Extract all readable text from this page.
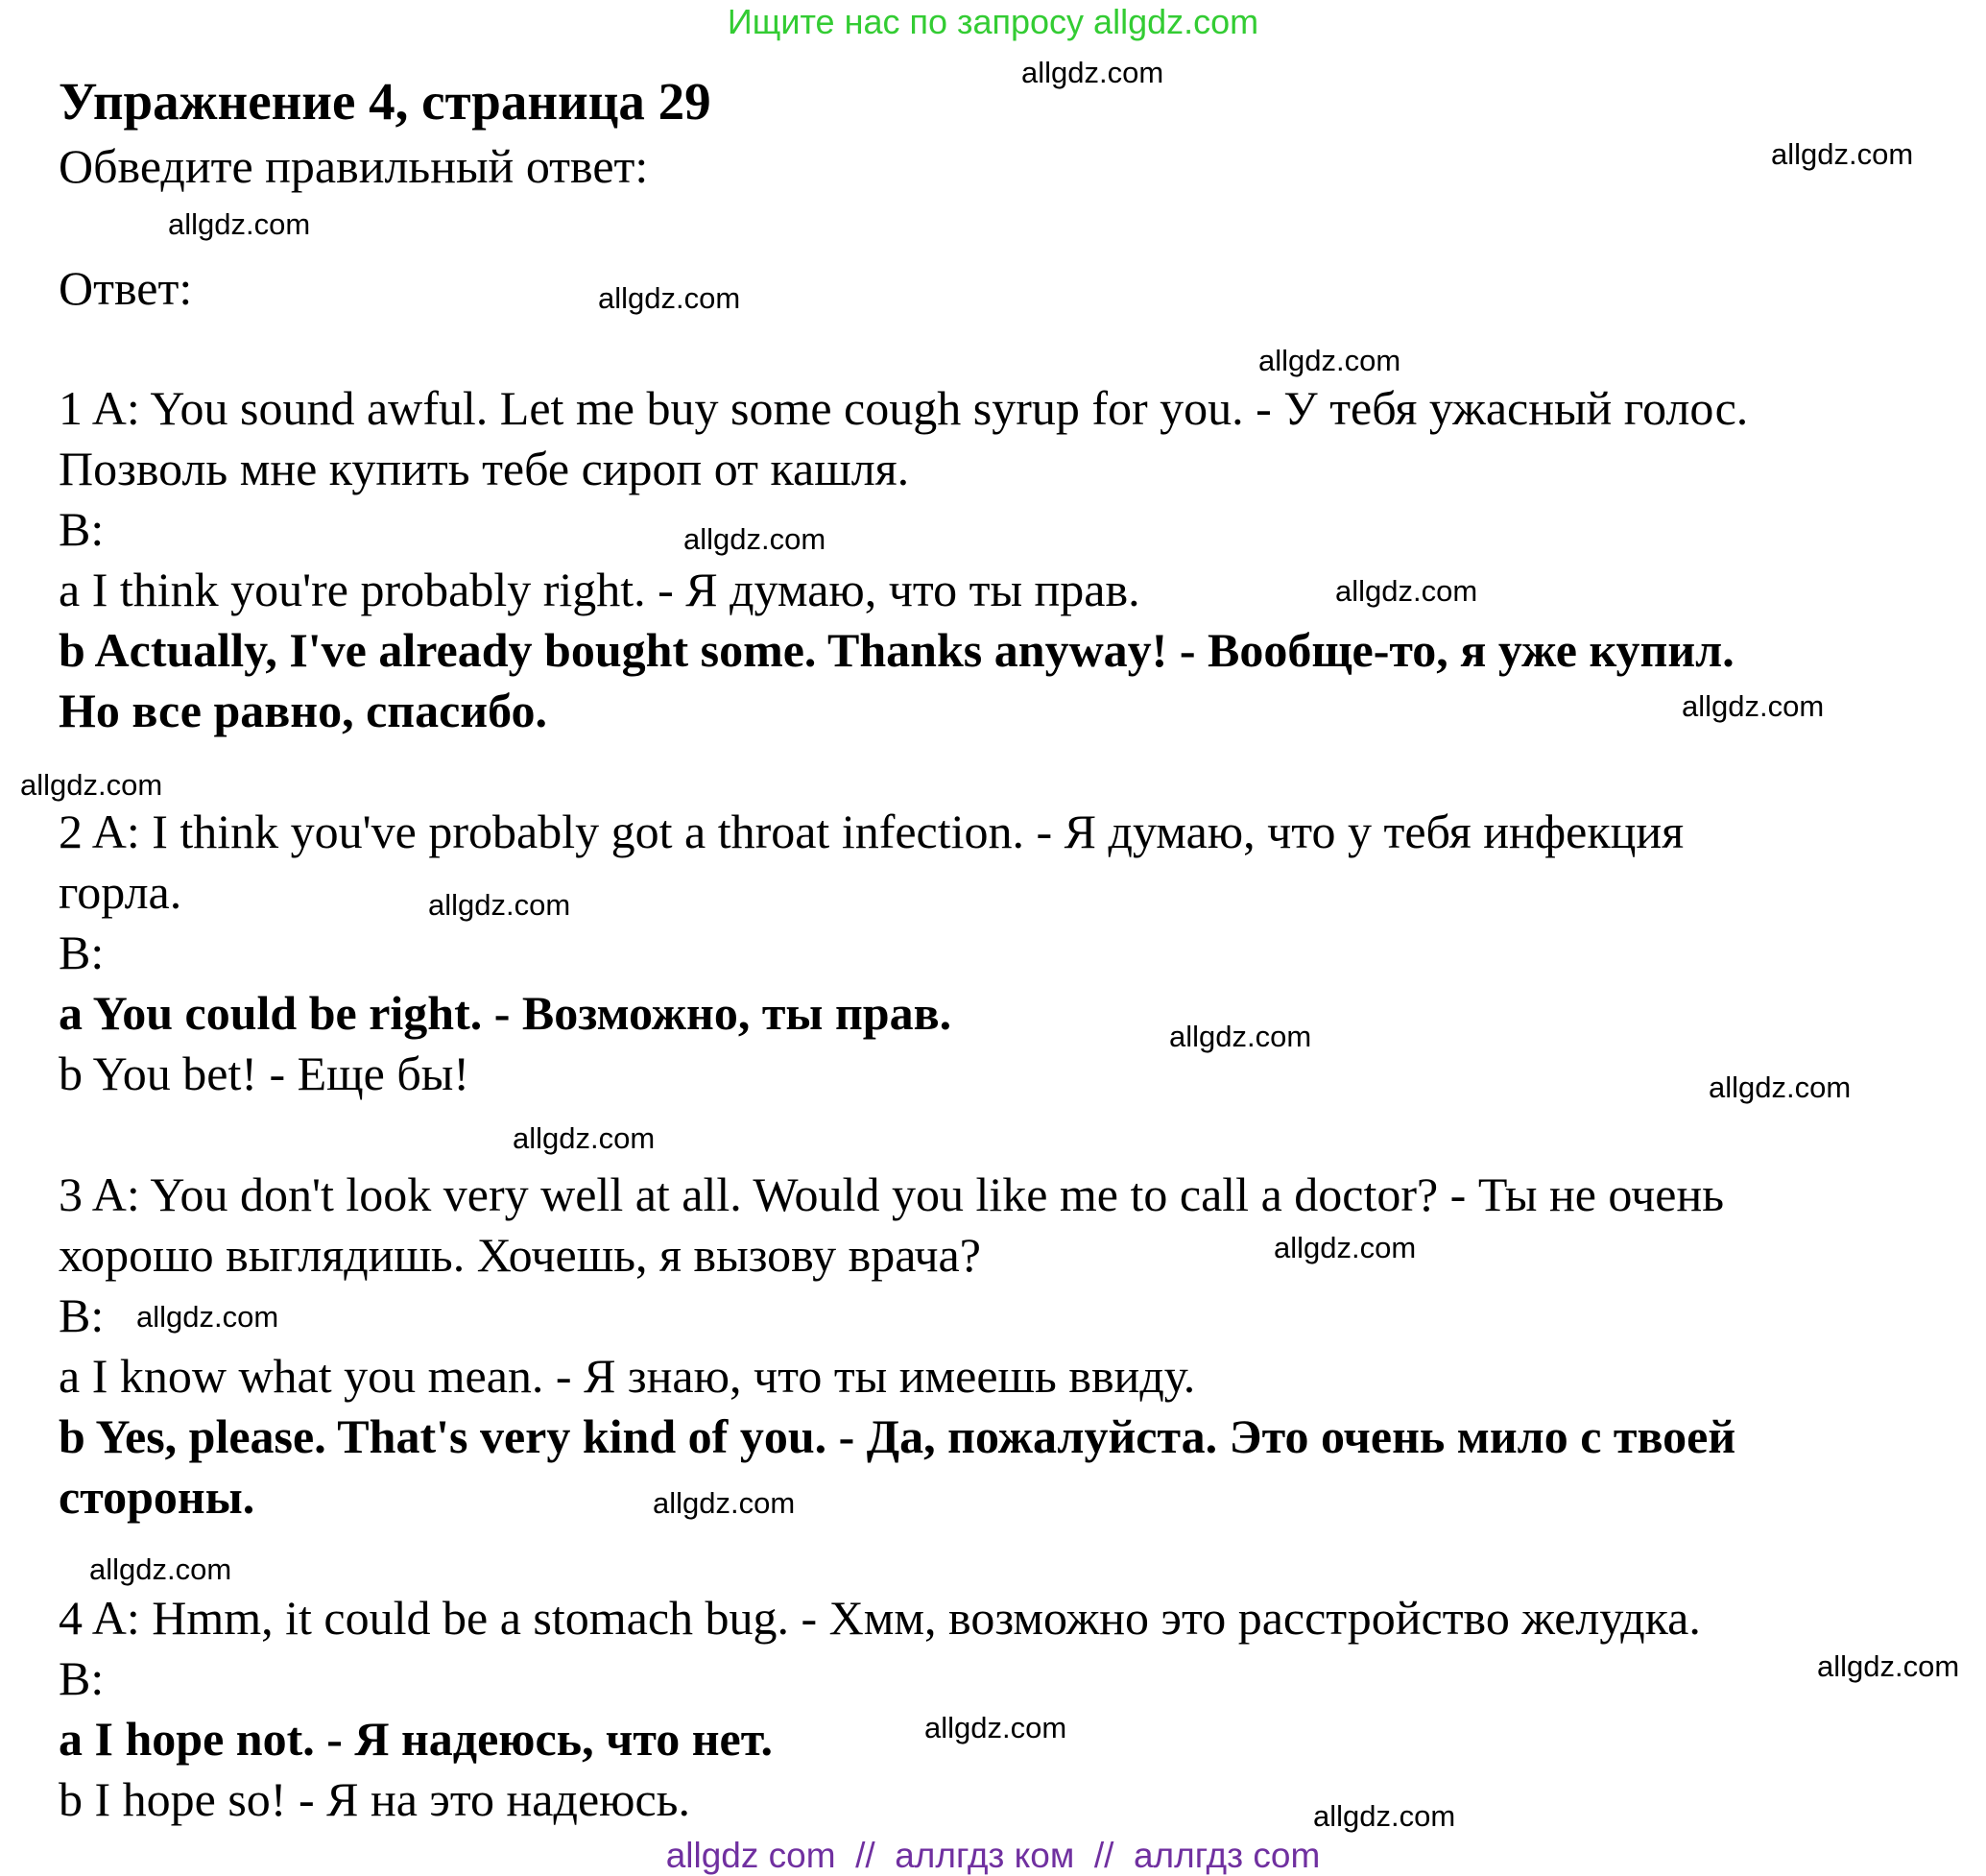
Ищите нас по запросу allgdz.com
Упражнение 4, страница 29
Обведите правильный ответ:
Ответ:
1 A: You sound awful. Let me buy some cough syrup for you. - У тебя ужасный голос.
Позволь мне купить тебе сироп от кашля.
B:
a I think you're probably right. - Я думаю, что ты прав.
b Actually, I've already bought some. Thanks anyway! - Вообще-то, я уже купил.
Но все равно, спасибо.
2 A: I think you've probably got a throat infection. - Я думаю, что у тебя инфекция
горла.
B:
a You could be right. - Возможно, ты прав.
b You bet! - Еще бы!
3 A: You don't look very well at all. Would you like me to call a doctor? - Ты не очень
хорошо выглядишь. Хочешь, я вызову врача?
B:
a I know what you mean. - Я знаю, что ты имеешь ввиду.
b Yes, please. That's very kind of you. - Да, пожалуйста. Это очень мило с твоей
стороны.
4 A: Hmm, it could be a stomach bug. - Хмм, возможно это расстройство желудка.
B:
a I hope not. - Я надеюсь, что нет.
b I hope so! - Я на это надеюсь.
allgdz.com
allgdz.com
allgdz.com
allgdz.com
allgdz.com
allgdz.com
allgdz.com
allgdz.com
allgdz.com
allgdz.com
allgdz.com
allgdz.com
allgdz.com
allgdz.com
allgdz.com
allgdz.com
allgdz.com
allgdz.com
allgdz.com
allgdz.com
allgdz com  //  аллгдз ком  //  аллгдз com
